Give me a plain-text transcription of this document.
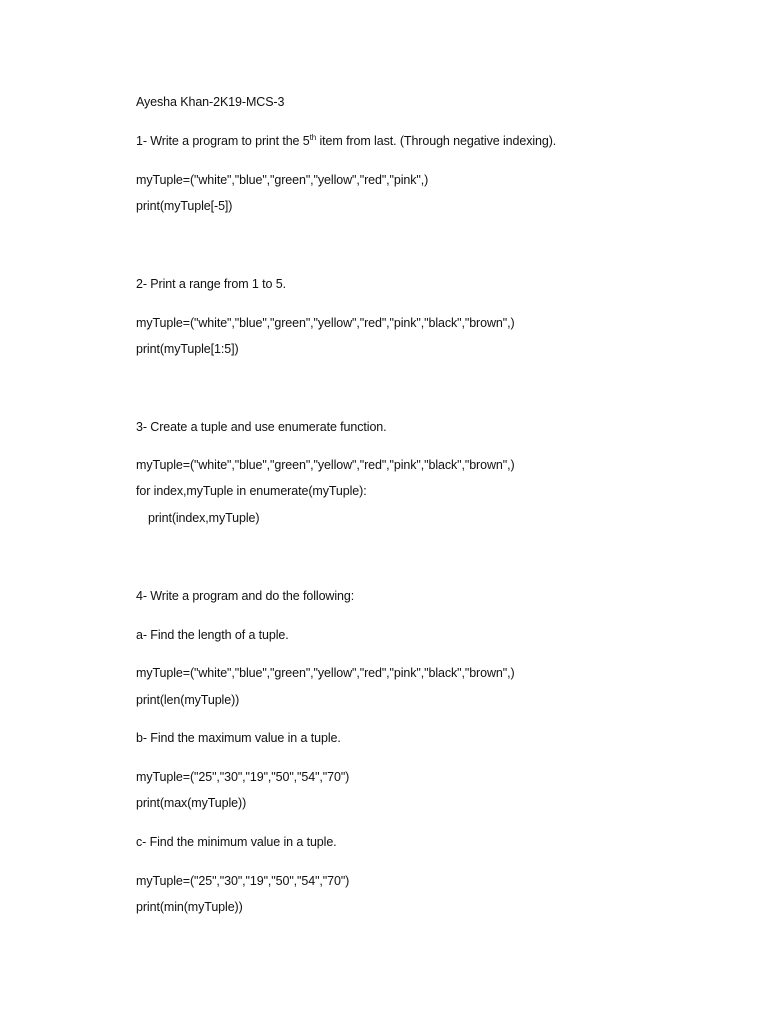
Ayesha Khan-2K19-MCS-3
1- Write a program to print the 5th item from last. (Through negative indexing).
myTuple=("white","blue","green","yellow","red","pink",)
print(myTuple[-5])
2- Print a range from 1 to 5.
myTuple=("white","blue","green","yellow","red","pink","black","brown",)
print(myTuple[1:5])
3- Create a tuple and use enumerate function.
myTuple=("white","blue","green","yellow","red","pink","black","brown",)
for index,myTuple in enumerate(myTuple):
print(index,myTuple)
4- Write a program and do the following:
a- Find the length of a tuple.
myTuple=("white","blue","green","yellow","red","pink","black","brown",)
print(len(myTuple))
b- Find the maximum value in a tuple.
myTuple=("25","30","19","50","54","70")
print(max(myTuple))
c- Find the minimum value in a tuple.
myTuple=("25","30","19","50","54","70")
print(min(myTuple))
